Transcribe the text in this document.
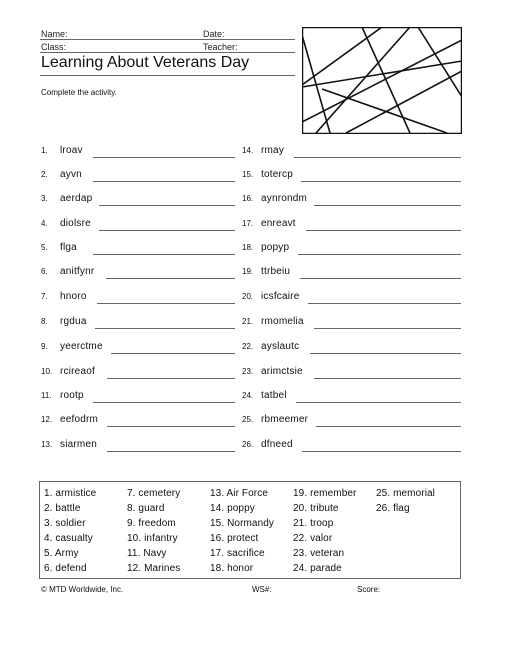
Name:	Date:
Class:	Teacher:
Learning About Veterans Day
Complete the activity.
1. lroav
2. ayvn
3. aerdap
4. diolsre
5. flga
6. anitfynr
7. hnoro
8. rgdua
9. yeerctme
10. rcireaof
11. rootp
12. eefodrm
13. siarmen
14. rmay
15. totercp
16. aynrondm
17. enreavt
18. popyp
19. ttrbeiu
20. icsfcaire
21. rmomelia
22. ayslautc
23. arimctsie
24. tatbel
25. rbmeemer
26. dfneed
1. armistice
2. battle
3. soldier
4. casualty
5. Army
6. defend
7. cemetery
8. guard
9. freedom
10. infantry
11. Navy
12. Marines
13. Air Force
14. poppy
15. Normandy
16. protect
17. sacrifice
18. honor
19. remember
20. tribute
21. troop
22. valor
23. veteran
24. parade
25. memorial
26. flag
© MTD Worldwide, Inc.	WS#:	Score:
